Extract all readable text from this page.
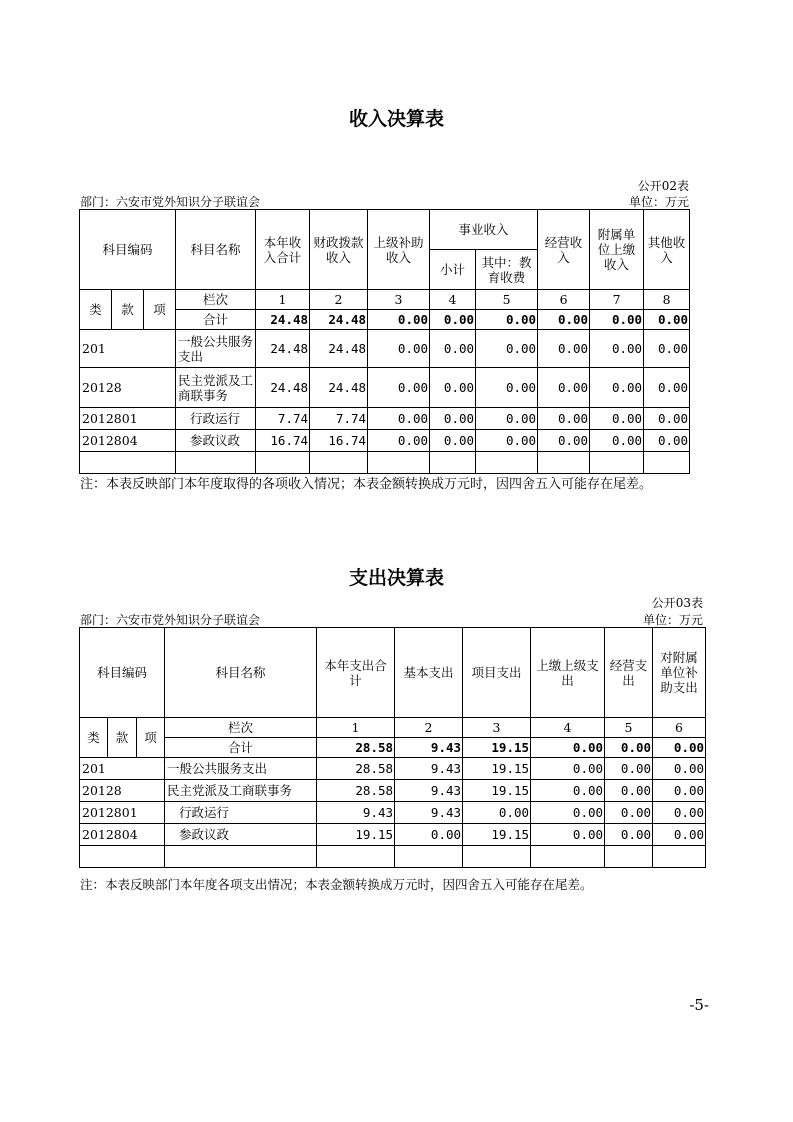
收入决算表
公开02表
部门：六安市党外知识分子联谊会	单位：万元
科目编码			科目名称	本年收入合计	财政拨款收入	上级补助收入	事业收入		经营收入	附属单位上缴收入	其他收入
							小计	其中：教育收费			
类	款	项	栏次	1	2	3	4	5	6	7	8
			合计	24.48	24.48	0.00	0.00	0.00	0.00	0.00	0.00
201			一般公共服务支出	24.48	24.48	0.00	0.00	0.00	0.00	0.00	0.00
20128			民主党派及工商联事务	24.48	24.48	0.00	0.00	0.00	0.00	0.00	0.00
2012801			行政运行	7.74	7.74	0.00	0.00	0.00	0.00	0.00	0.00
2012804			参政议政	16.74	16.74	0.00	0.00	0.00	0.00	0.00	0.00

注：本表反映部门本年度取得的各项收入情况；本表金额转换成万元时，因四舍五入可能存在尾差。
支出决算表
公开03表
部门：六安市党外知识分子联谊会	单位：万元
科目编码			科目名称	本年支出合计	基本支出	项目支出	上缴上级支出	经营支出	对附属单位补助支出
类	款	项	栏次	1	2	3	4	5	6
			合计	28.58	9.43	19.15	0.00	0.00	0.00
201			一般公共服务支出	28.58	9.43	19.15	0.00	0.00	0.00
20128			民主党派及工商联事务	28.58	9.43	19.15	0.00	0.00	0.00
2012801			行政运行	9.43	9.43	0.00	0.00	0.00	0.00
2012804			参政议政	19.15	0.00	19.15	0.00	0.00	0.00

注：本表反映部门本年度各项支出情况；本表金额转换成万元时，因四舍五入可能存在尾差。
-5-
